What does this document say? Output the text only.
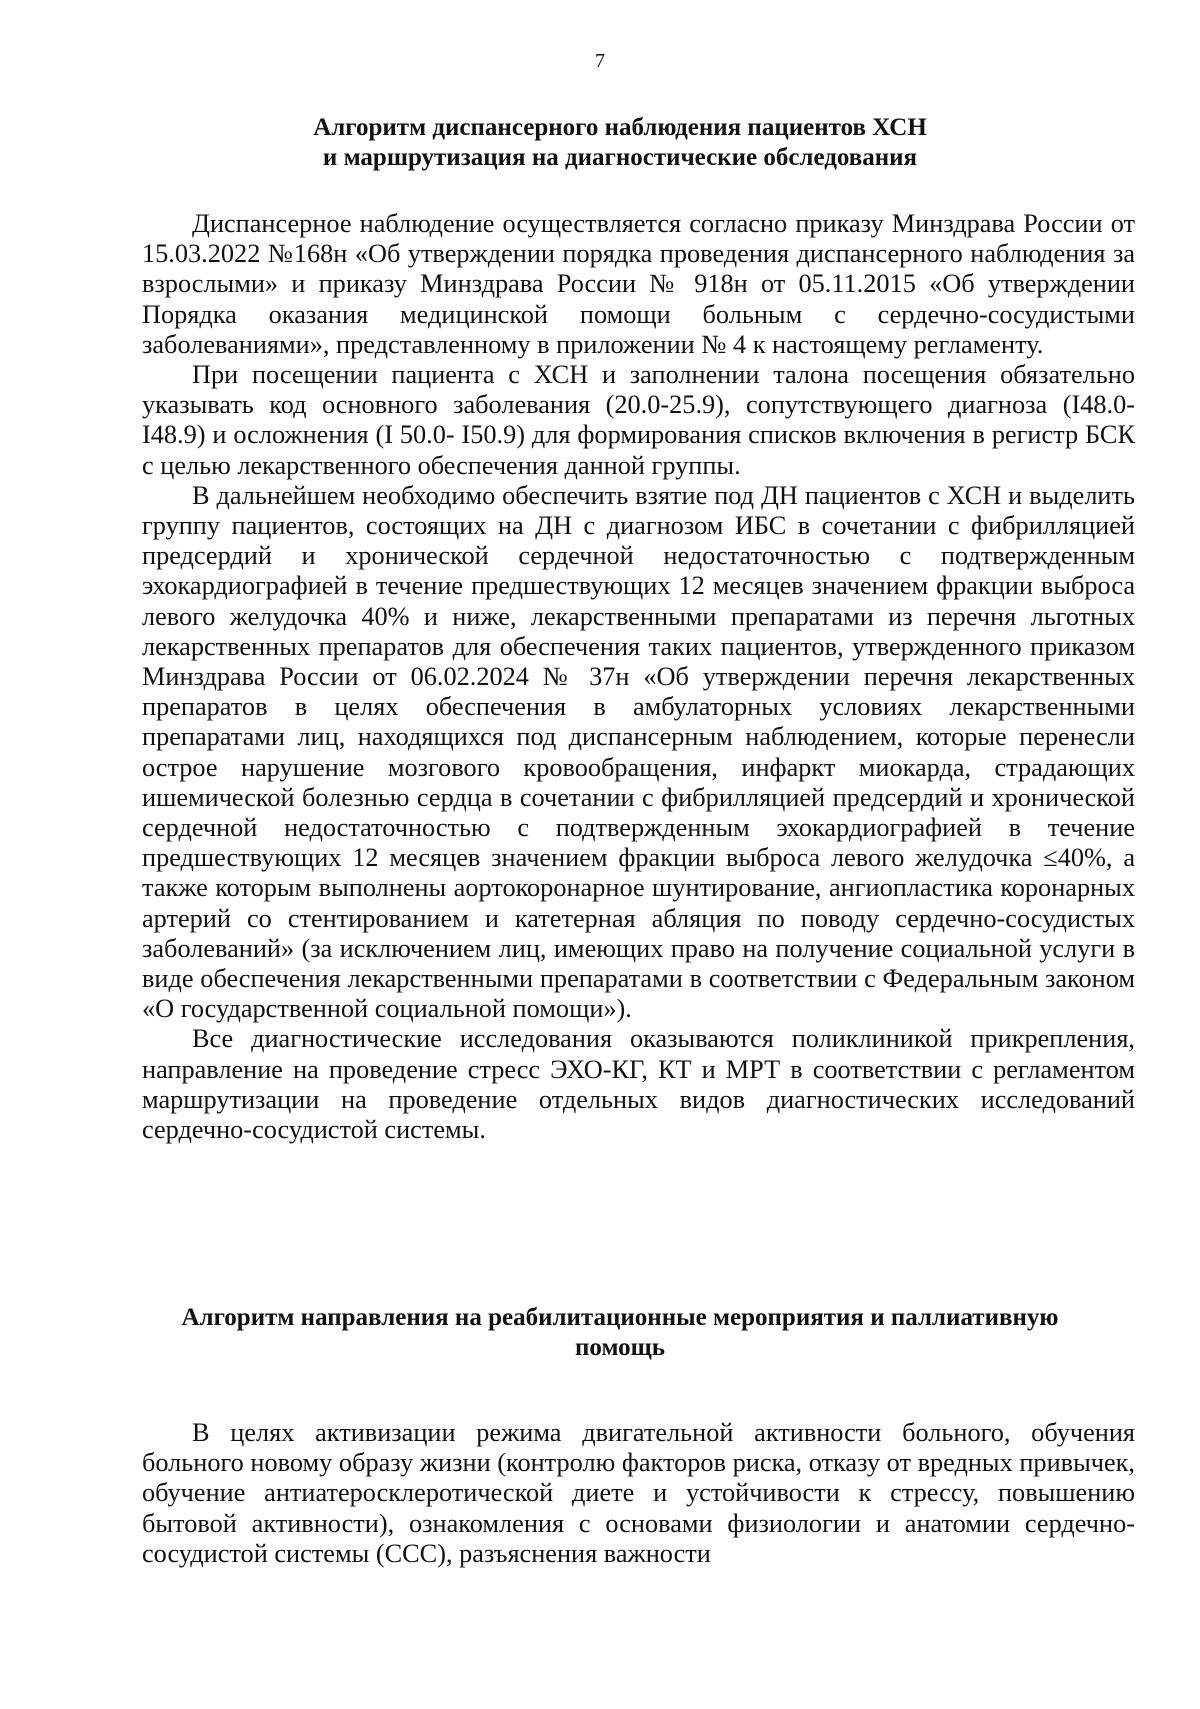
7
Алгоритм диспансерного наблюдения пациентов ХСН
и маршрутизация на диагностические обследования

Диспансерное наблюдение осуществляется согласно приказу Минздрава России от 15.03.2022 №168н «Об утверждении порядка проведения диспансерного наблюдения за взрослыми» и приказу Минздрава России № 918н от 05.11.2015 «Об утверждении Порядка оказания медицинской помощи больным с сердечно-сосудистыми заболеваниями», представленному в приложении № 4 к настоящему регламенту.

При посещении пациента с ХСН и заполнении талона посещения обязательно указывать код основного заболевания (20.0-25.9), сопутствующего диагноза (I48.0-I48.9) и осложнения (I 50.0- I50.9) для формирования списков включения в регистр БСК с целью лекарственного обеспечения данной группы.

В дальнейшем необходимо обеспечить взятие под ДН пациентов с ХСН и выделить группу пациентов, состоящих на ДН с диагнозом ИБС в сочетании с фибрилляцией предсердий и хронической сердечной недостаточностью с подтвержденным эхокардиографией в течение предшествующих 12 месяцев значением фракции выброса левого желудочка 40% и ниже, лекарственными препаратами из перечня льготных лекарственных препаратов для обеспечения таких пациентов, утвержденного приказом Минздрава России от 06.02.2024 № 37н «Об утверждении перечня лекарственных препаратов в целях обеспечения в амбулаторных условиях лекарственными препаратами лиц, находящихся под диспансерным наблюдением, которые перенесли острое нарушение мозгового кровообращения, инфаркт миокарда, страдающих ишемической болезнью сердца в сочетании с фибрилляцией предсердий и хронической сердечной недостаточностью с подтвержденным эхокардиографией в течение предшествующих 12 месяцев значением фракции выброса левого желудочка ≤40%, а также которым выполнены аортокоронарное шунтирование, ангиопластика коронарных артерий со стентированием и катетерная абляция по поводу сердечно-сосудистых заболеваний» (за исключением лиц, имеющих право на получение социальной услуги в виде обеспечения лекарственными препаратами в соответствии с Федеральным законом «О государственной социальной помощи»).

Все диагностические исследования оказываются поликлиникой прикрепления, направление на проведение стресс ЭХО-КГ, КТ и МРТ в соответствии с регламентом маршрутизации на проведение отдельных видов диагностических исследований сердечно-сосудистой системы.

Алгоритм направления на реабилитационные мероприятия и паллиативную
помощь

В целях активизации режима двигательной активности больного, обучения больного новому образу жизни (контролю факторов риска, отказу от вредных привычек, обучение антиатеросклеротической диете и устойчивости к стрессу, повышению бытовой активности), ознакомления с основами физиологии и анатомии сердечно-сосудистой системы (ССС), разъяснения важности
